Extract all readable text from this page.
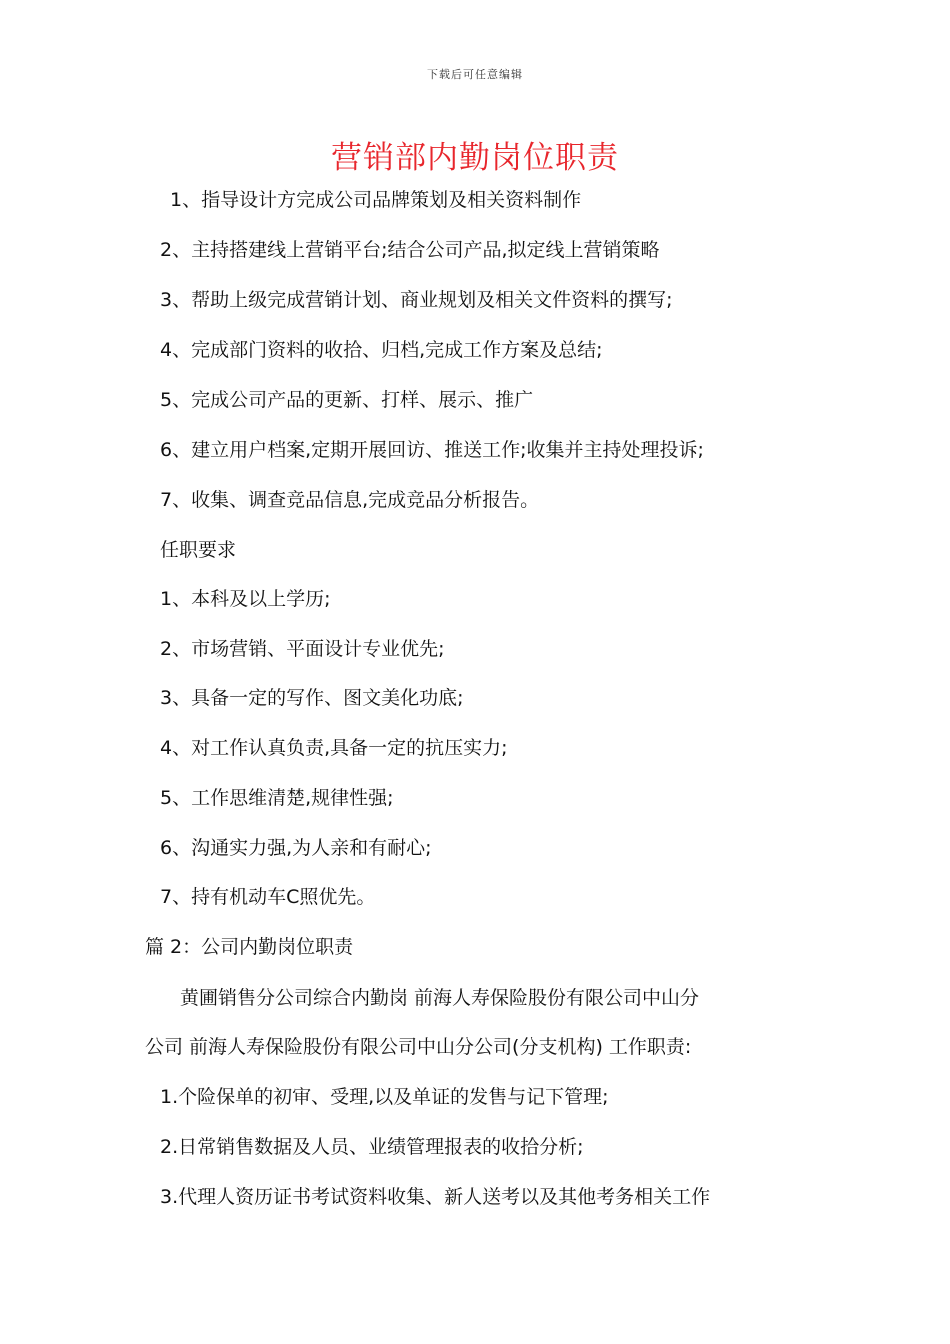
下载后可任意编辑
营销部内勤岗位职责
1、指导设计方完成公司品牌策划及相关资料制作
2、主持搭建线上营销平台;结合公司产品,拟定线上营销策略
3、帮助上级完成营销计划、商业规划及相关文件资料的撰写;
4、完成部门资料的收拾、归档,完成工作方案及总结;
5、完成公司产品的更新、打样、展示、推广
6、建立用户档案,定期开展回访、推送工作;收集并主持处理投诉;
7、收集、调查竞品信息,完成竞品分析报告。
任职要求
1、本科及以上学历;
2、市场营销、平面设计专业优先;
3、具备一定的写作、图文美化功底;
4、对工作认真负责,具备一定的抗压实力;
5、工作思维清楚,规律性强;
6、沟通实力强,为人亲和有耐心;
7、持有机动车C照优先。
篇 2：公司内勤岗位职责
黄圃销售分公司综合内勤岗 前海人寿保险股份有限公司中山分
公司 前海人寿保险股份有限公司中山分公司(分支机构) 工作职责:
1.个险保单的初审、受理,以及单证的发售与记下管理;
2.日常销售数据及人员、业绩管理报表的收拾分析;
3.代理人资历证书考试资料收集、新人送考以及其他考务相关工作
